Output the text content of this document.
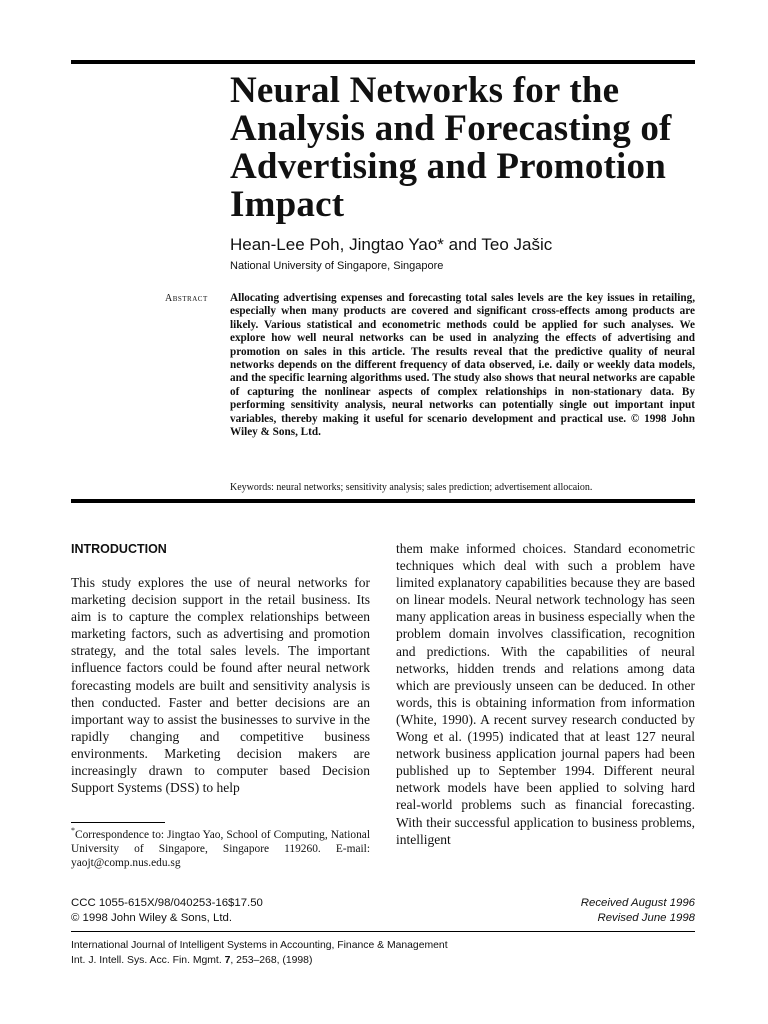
Neural Networks for the Analysis and Forecasting of Advertising and Promotion Impact
Hean-Lee Poh, Jingtao Yao* and Teo Jašic
National University of Singapore, Singapore
Abstract Allocating advertising expenses and forecasting total sales levels are the key issues in retailing, especially when many products are covered and significant cross-effects among products are likely. Various statistical and econometric methods could be applied for such analyses. We explore how well neural networks can be used in analyzing the effects of advertising and promotion on sales in this article. The results reveal that the predictive quality of neural networks depends on the different frequency of data observed, i.e. daily or weekly data models, and the specific learning algorithms used. The study also shows that neural networks are capable of capturing the nonlinear aspects of complex relationships in non-stationary data. By performing sensitivity analysis, neural networks can potentially single out important input variables, thereby making it useful for scenario development and practical use. © 1998 John Wiley & Sons, Ltd.

Keywords: neural networks; sensitivity analysis; sales prediction; advertisement allocaion.
INTRODUCTION

This study explores the use of neural networks for marketing decision support in the retail business. Its aim is to capture the complex relationships between marketing factors, such as advertising and promotion strategy, and the total sales levels. The important influence factors could be found after neural network forecasting models are built and sensitivity analysis is then conducted. Faster and better decisions are an important way to assist the businesses to survive in the rapidly changing and competitive business environments. Marketing decision makers are increasingly drawn to computer based Decision Support Systems (DSS) to help

them make informed choices. Standard econometric techniques which deal with such a problem have limited explanatory capabilities because they are based on linear models. Neural network technology has seen many application areas in business especially when the problem domain involves classification, recognition and predictions. With the capabilities of neural networks, hidden trends and relations among data which are previously unseen can be deduced. In other words, this is obtaining information from information (White, 1990). A recent survey research conducted by Wong et al. (1995) indicated that at least 127 neural network business application journal papers had been published up to September 1994. Different neural network models have been applied to solving hard real-world problems such as financial forecasting. With their successful application to business problems, intelligent

*Correspondence to: Jingtao Yao, School of Computing, National University of Singapore, Singapore 119260. E-mail: yaojt@comp.nus.edu.sg

CCC 1055-615X/98/040253-16$17.50
© 1998 John Wiley & Sons, Ltd.
Received August 1996
Revised June 1998
International Journal of Intelligent Systems in Accounting, Finance & Management
Int. J. Intell. Sys. Acc. Fin. Mgmt. 7, 253–268, (1998)
